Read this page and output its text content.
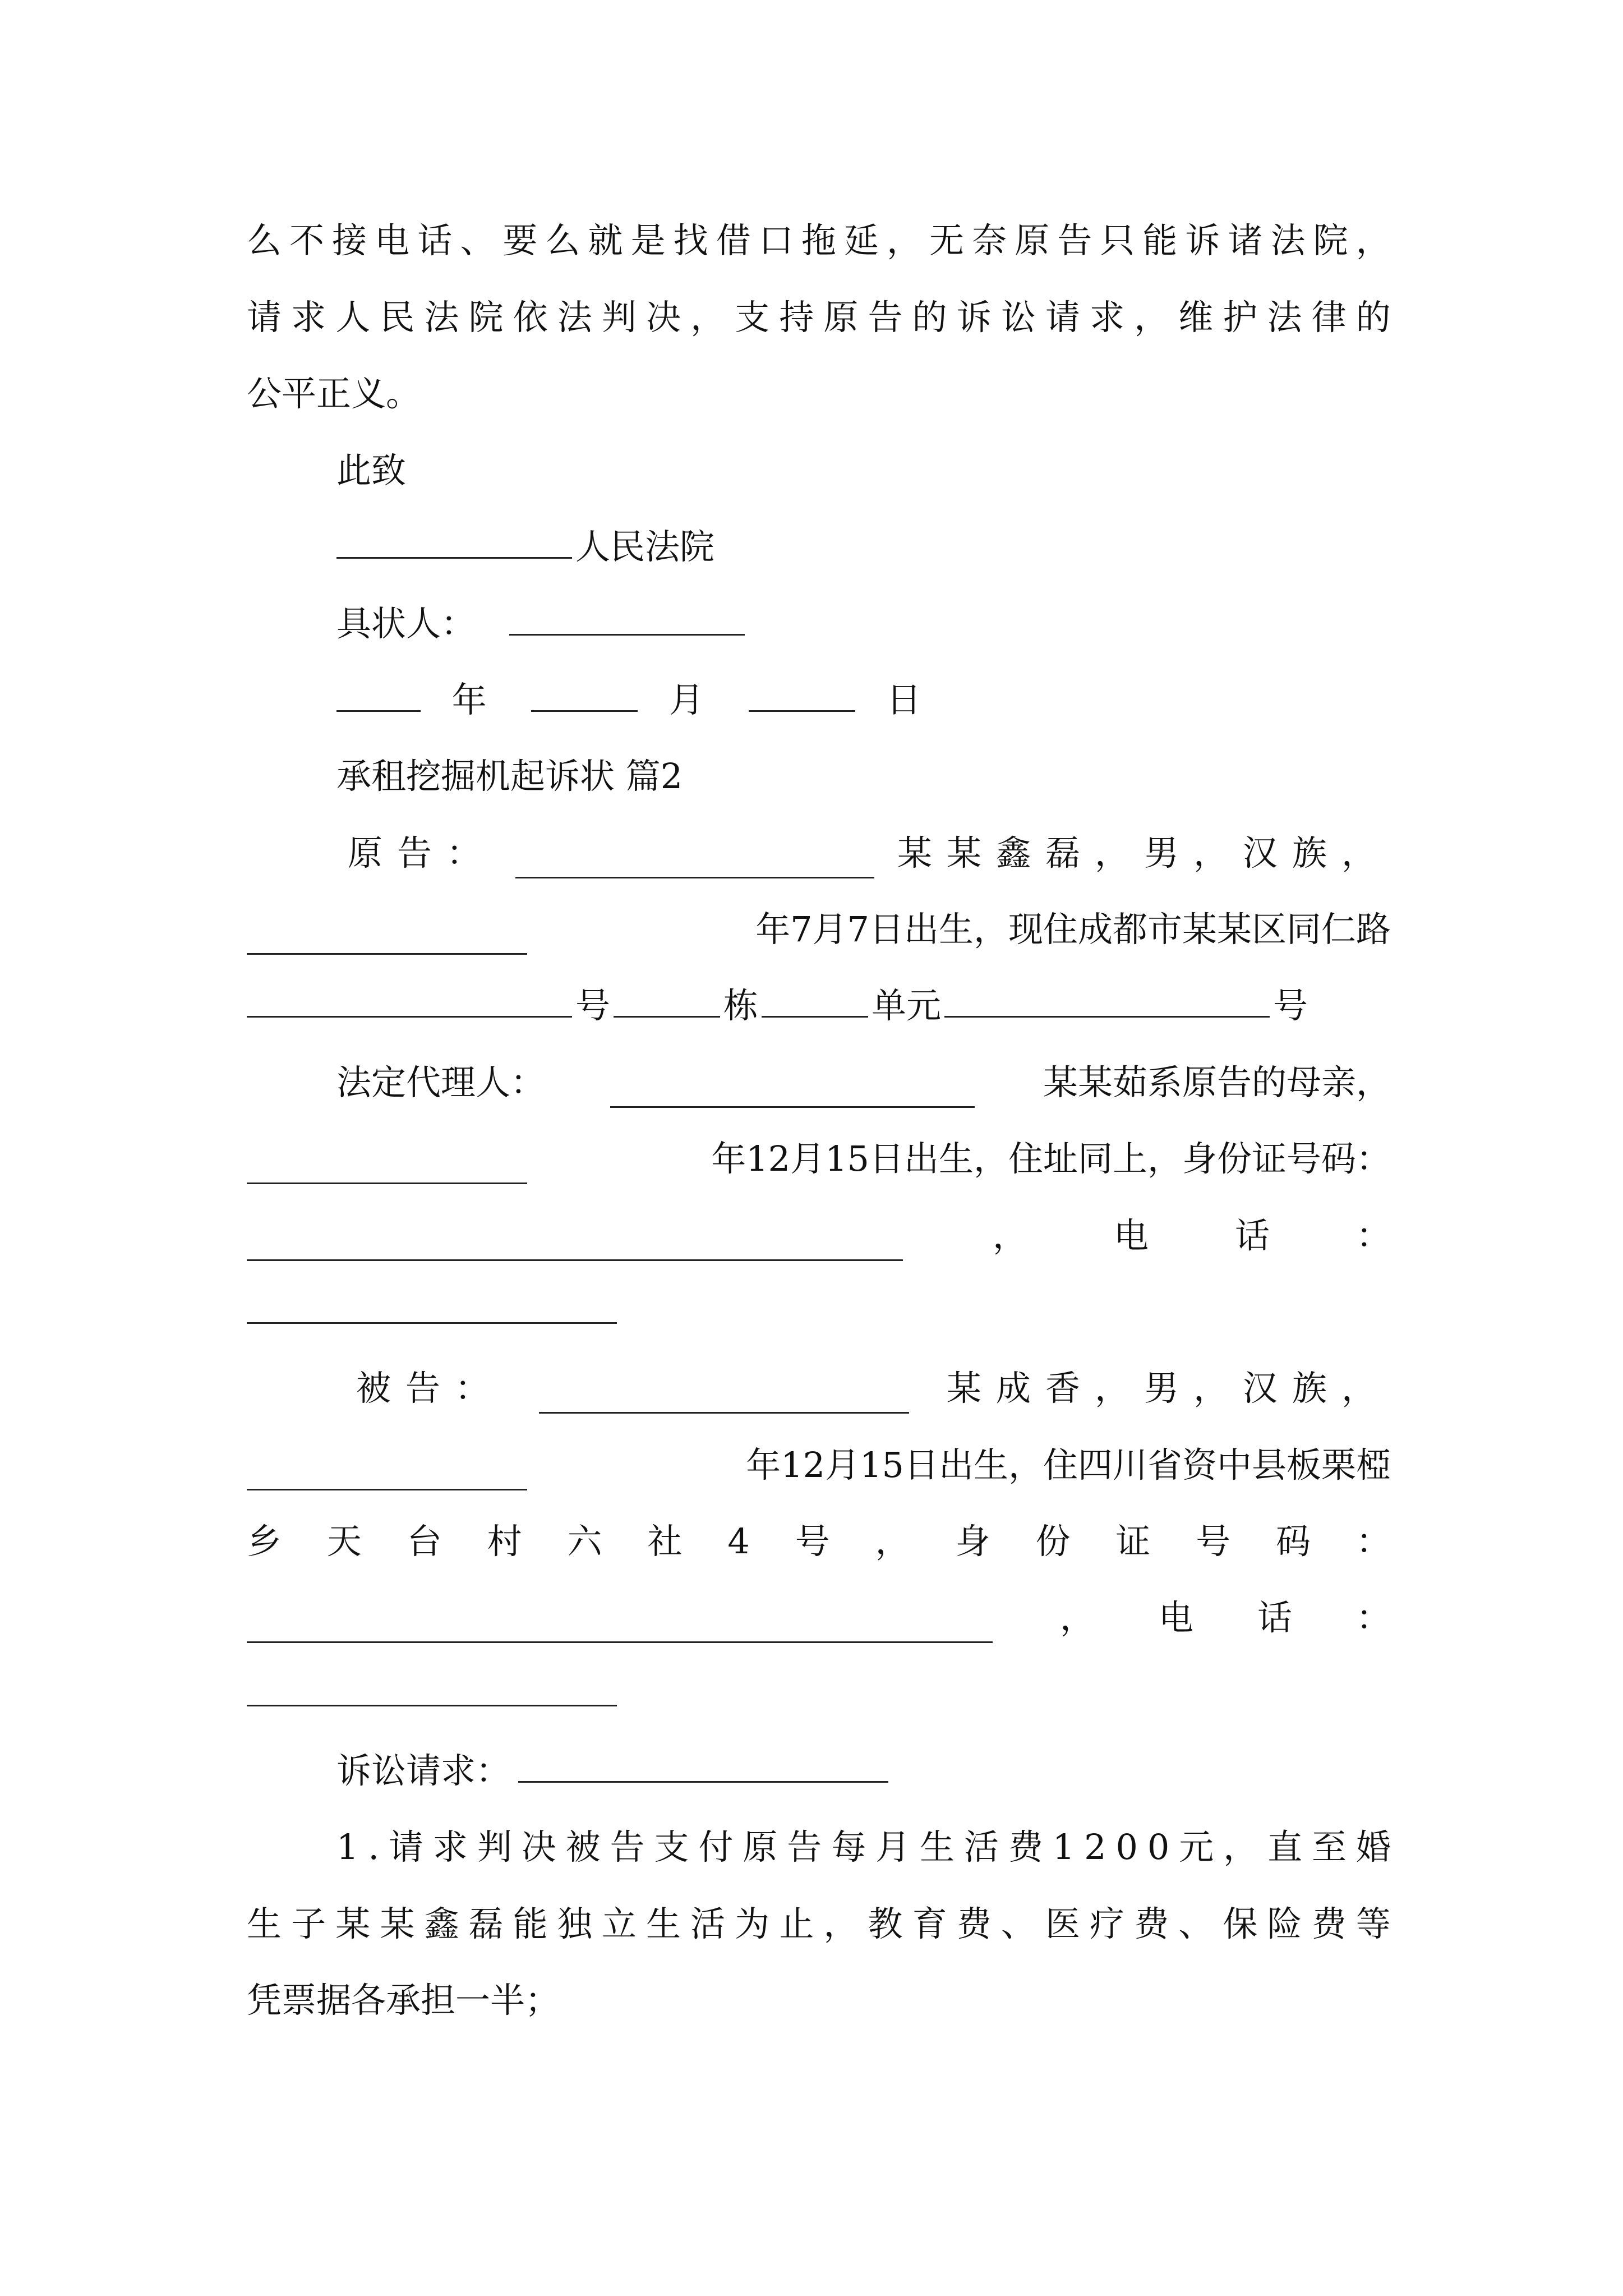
么 不 接 电 话 、 要 么 就 是 找 借 口 拖 延 ， 无 奈 原 告 只 能 诉 诸 法 院 ，
请 求 人 民 法 院 依 法 判 决 ， 支 持 原 告 的 诉 讼 请 求 ， 维 护 法 律 的
公平正义。
此致
人民法院
具状人：
年	月	日
承租挖掘机起诉状 篇2
原告：	某某鑫磊，男，汉族，
年7月7日出生，现住成都市某某区同仁路
号	栋	单元	号
法定代理人：	某某茹系原告的母亲，
年12月15日出生，住址同上，身份证号码：
， 电 话 ：
被告：	某成香，男，汉族，
年12月15日出生，住四川省资中县板栗椏
乡 天 台 村 六 社 4 号 ， 身 份 证 号 码 ：
， 电 话 ：
诉讼请求：
1 . 请 求 判 决 被 告 支 付 原 告 每 月 生 活 费 1 2 0 0 元 ， 直 至 婚
生 子 某 某 鑫 磊 能 独 立 生 活 为 止 ， 教 育 费 、 医 疗 费 、 保 险 费 等
凭票据各承担一半；
